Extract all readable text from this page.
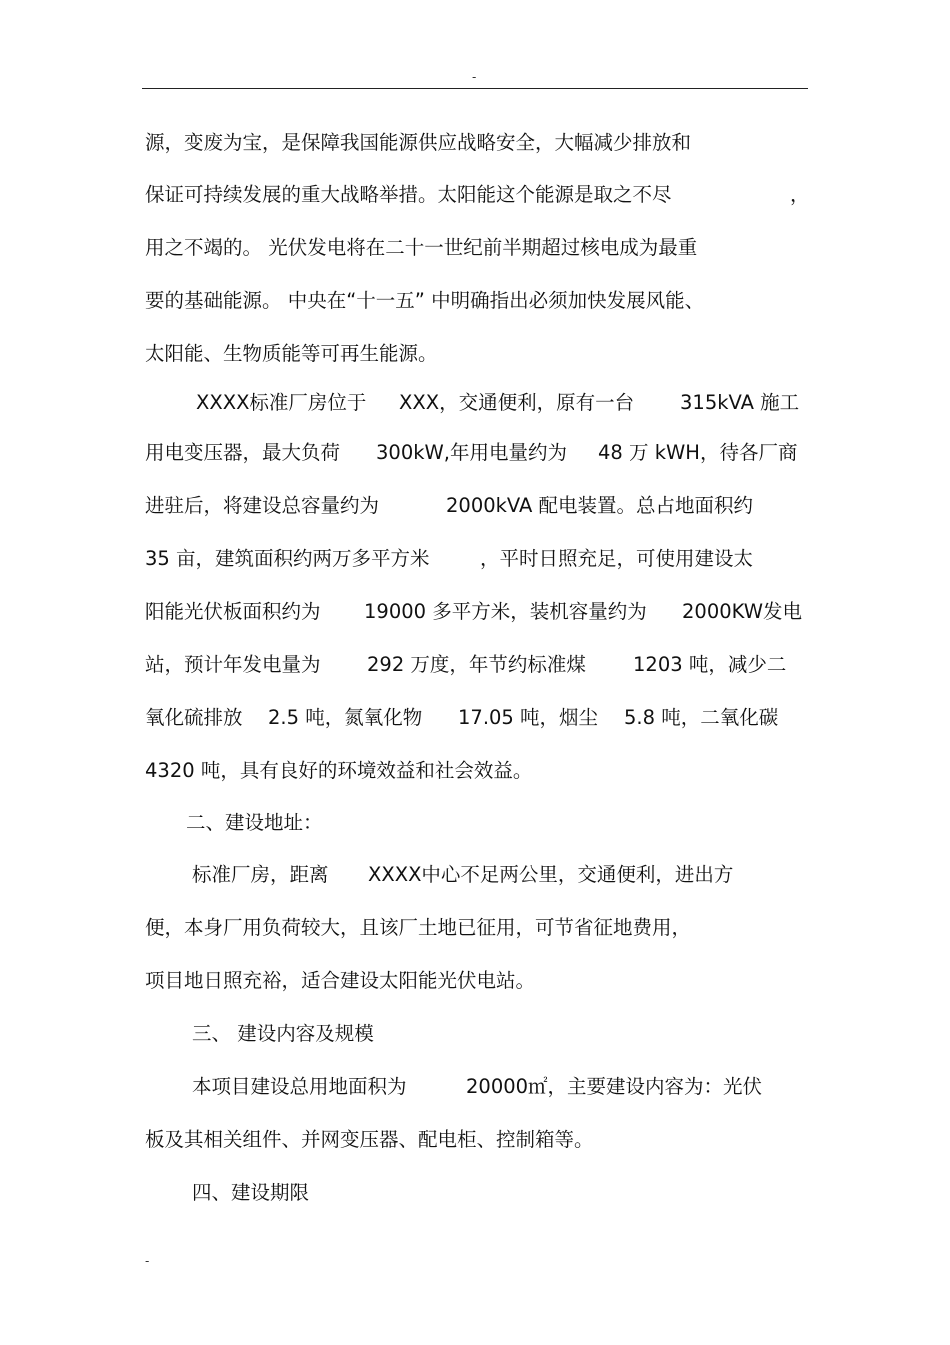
-
源，变废为宝，是保障我国能源供应战略安全，大幅减少排放和
保证可持续发展的重大战略举措。太阳能这个能源是取之不尽	，
用之不竭的。 光伏发电将在二十一世纪前半期超过核电成为最重
要的基础能源。 中央在“十一五” 中明确指出必须加快发展风能、
太阳能、生物质能等可再生能源。
XXXX标准厂房位于 XXX，交通便利，原有一台 315kVA 施工
用电变压器，最大负荷 300kW,年用电量约为 48 万 kWH，待各厂商
进驻后，将建设总容量约为	2000kVA 配电装置。总占地面积约
35 亩，建筑面积约两万多平方米	，平时日照充足，可使用建设太
阳能光伏板面积约为 19000 多平方米，装机容量约为 2000KW发电
站，预计年发电量为 292 万度，年节约标准煤 1203 吨，减少二
氧化硫排放 2.5 吨，氮氧化物 17.05 吨，烟尘 5.8 吨，二氧化碳
4320 吨，具有良好的环境效益和社会效益。
二、建设地址：
标准厂房，距离 XXXX中心不足两公里，交通便利，进出方
便，本身厂用负荷较大，且该厂土地已征用，可节省征地费用，
项目地日照充裕，适合建设太阳能光伏电站。
三、 建设内容及规模
本项目建设总用地面积为	20000㎡，主要建设内容为：光伏
板及其相关组件、并网变压器、配电柜、控制箱等。
四、建设期限
-
